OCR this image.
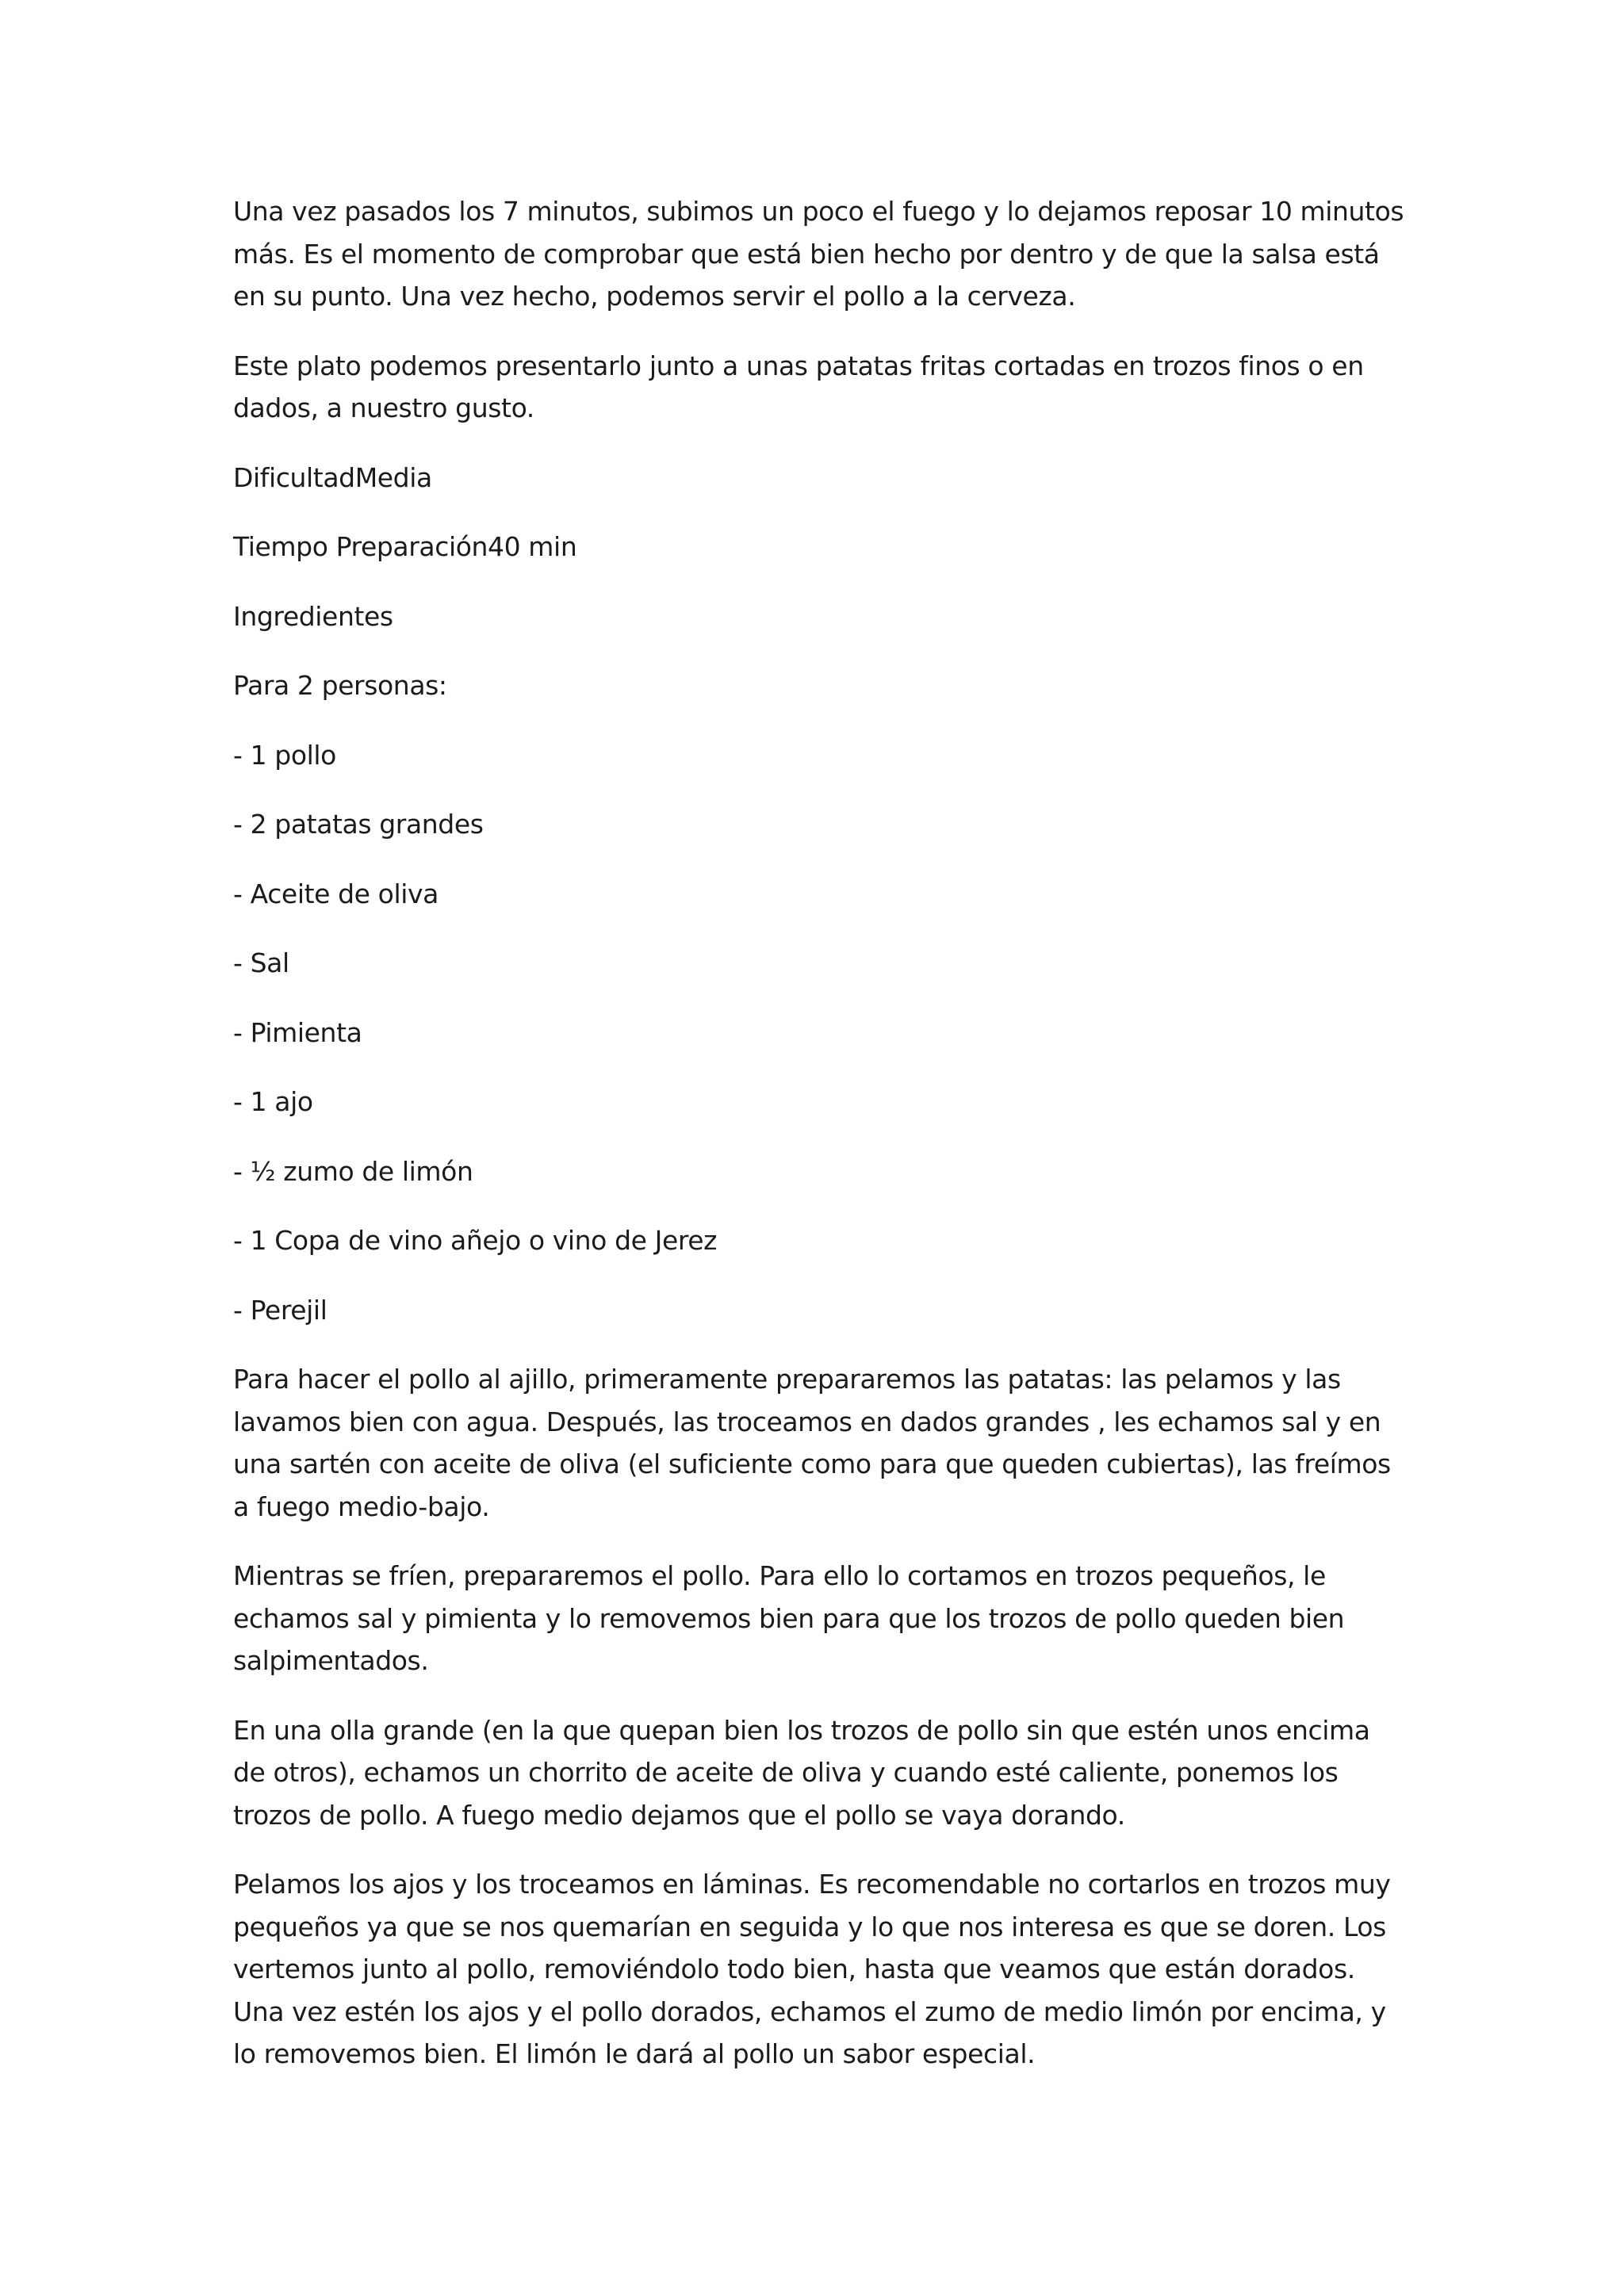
Una vez pasados los 7 minutos, subimos un poco el fuego y lo dejamos reposar 10 minutos más. Es el momento de comprobar que está bien hecho por dentro y de que la salsa está en su punto. Una vez hecho, podemos servir el pollo a la cerveza.

Este plato podemos presentarlo junto a unas patatas fritas cortadas en trozos finos o en dados, a nuestro gusto.

DificultadMedia

Tiempo Preparación40 min

Ingredientes

Para 2 personas:

- 1 pollo

- 2 patatas grandes

- Aceite de oliva

- Sal

- Pimienta

- 1 ajo

- ½ zumo de limón

- 1 Copa de vino añejo o vino de Jerez

- Perejil

Para hacer el pollo al ajillo, primeramente prepararemos las patatas: las pelamos y las lavamos bien con agua. Después, las troceamos en dados grandes , les echamos sal y en una sartén con aceite de oliva (el suficiente como para que queden cubiertas), las freímos a fuego medio-bajo.

Mientras se fríen, prepararemos el pollo. Para ello lo cortamos en trozos pequeños, le echamos sal y pimienta y lo removemos bien para que los trozos de pollo queden bien salpimentados.

En una olla grande (en la que quepan bien los trozos de pollo sin que estén unos encima de otros), echamos un chorrito de aceite de oliva y cuando esté caliente, ponemos los trozos de pollo. A fuego medio dejamos que el pollo se vaya dorando.

Pelamos los ajos y los troceamos en láminas. Es recomendable no cortarlos en trozos muy pequeños ya que se nos quemarían en seguida y lo que nos interesa es que se doren. Los vertemos junto al pollo, removiéndolo todo bien, hasta que veamos que están dorados. Una vez estén los ajos y el pollo dorados, echamos el zumo de medio limón por encima, y lo removemos bien. El limón le dará al pollo un sabor especial.
